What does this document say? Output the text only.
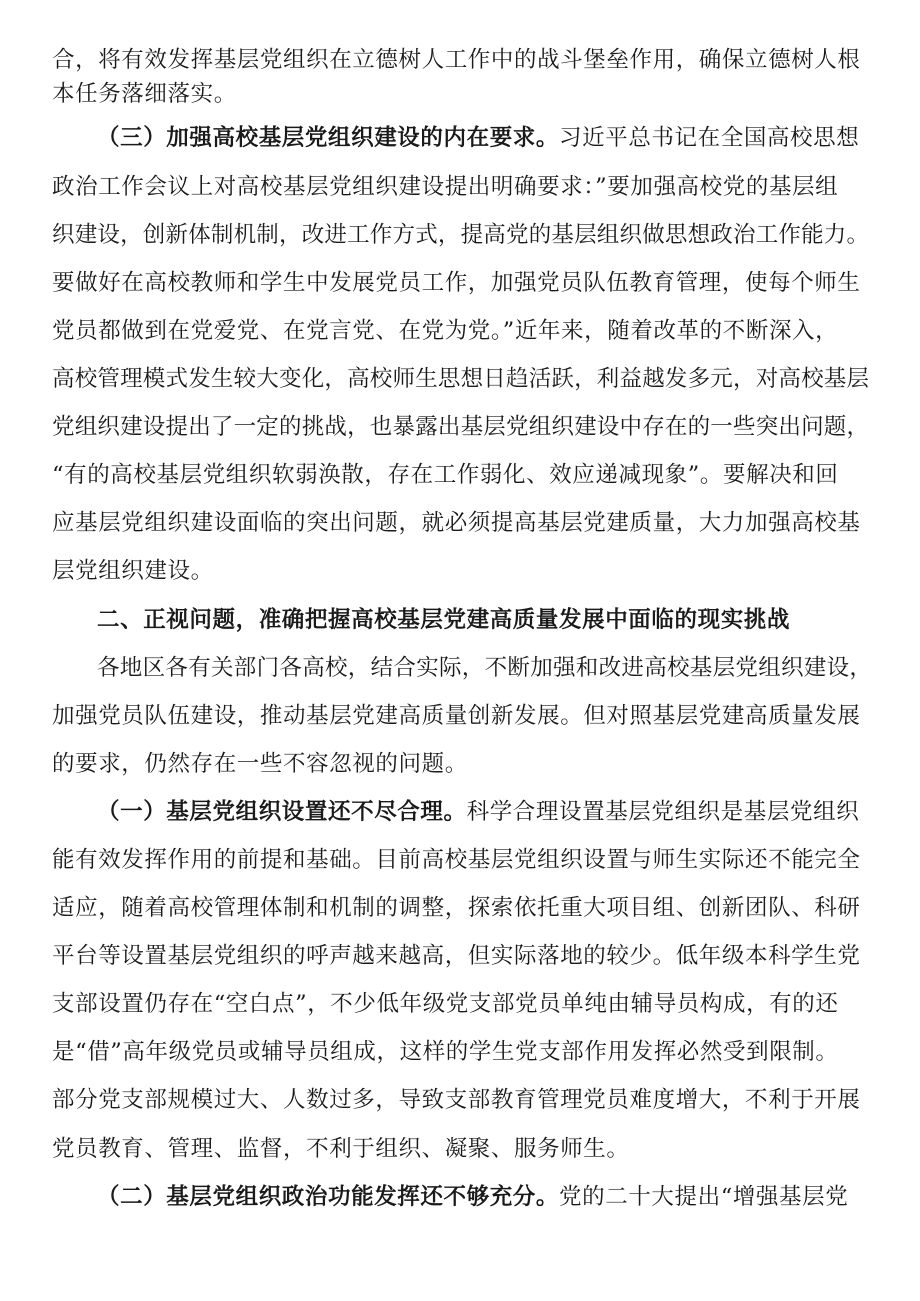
合，将有效发挥基层党组织在立德树人工作中的战斗堡垒作用，确保立德树人根
本任务落细落实。
（三）加强高校基层党组织建设的内在要求。习近平总书记在全国高校思想
政治工作会议上对高校基层党组织建设提出明确要求：”要加强高校党的基层组
织建设，创新体制机制，改进工作方式，提高党的基层组织做思想政治工作能力。
要做好在高校教师和学生中发展党员工作，加强党员队伍教育管理，使每个师生
党员都做到在党爱党、在党言党、在党为党。”近年来，随着改革的不断深入，
高校管理模式发生较大变化，高校师生思想日趋活跃，利益越发多元，对高校基层
党组织建设提出了一定的挑战，也暴露出基层党组织建设中存在的一些突出问题，
“有的高校基层党组织软弱涣散，存在工作弱化、效应递减现象”。要解决和回
应基层党组织建设面临的突出问题，就必须提高基层党建质量，大力加强高校基
层党组织建设。
二、正视问题，准确把握高校基层党建高质量发展中面临的现实挑战
各地区各有关部门各高校，结合实际，不断加强和改进高校基层党组织建设，
加强党员队伍建设，推动基层党建高质量创新发展。但对照基层党建高质量发展
的要求，仍然存在一些不容忽视的问题。
（一）基层党组织设置还不尽合理。科学合理设置基层党组织是基层党组织
能有效发挥作用的前提和基础。目前高校基层党组织设置与师生实际还不能完全
适应，随着高校管理体制和机制的调整，探索依托重大项目组、创新团队、科研
平台等设置基层党组织的呼声越来越高，但实际落地的较少。低年级本科学生党
支部设置仍存在“空白点”，不少低年级党支部党员单纯由辅导员构成，有的还
是“借”高年级党员或辅导员组成，这样的学生党支部作用发挥必然受到限制。
部分党支部规模过大、人数过多，导致支部教育管理党员难度增大，不利于开展
党员教育、管理、监督，不利于组织、凝聚、服务师生。
（二）基层党组织政治功能发挥还不够充分。党的二十大提出“增强基层党
